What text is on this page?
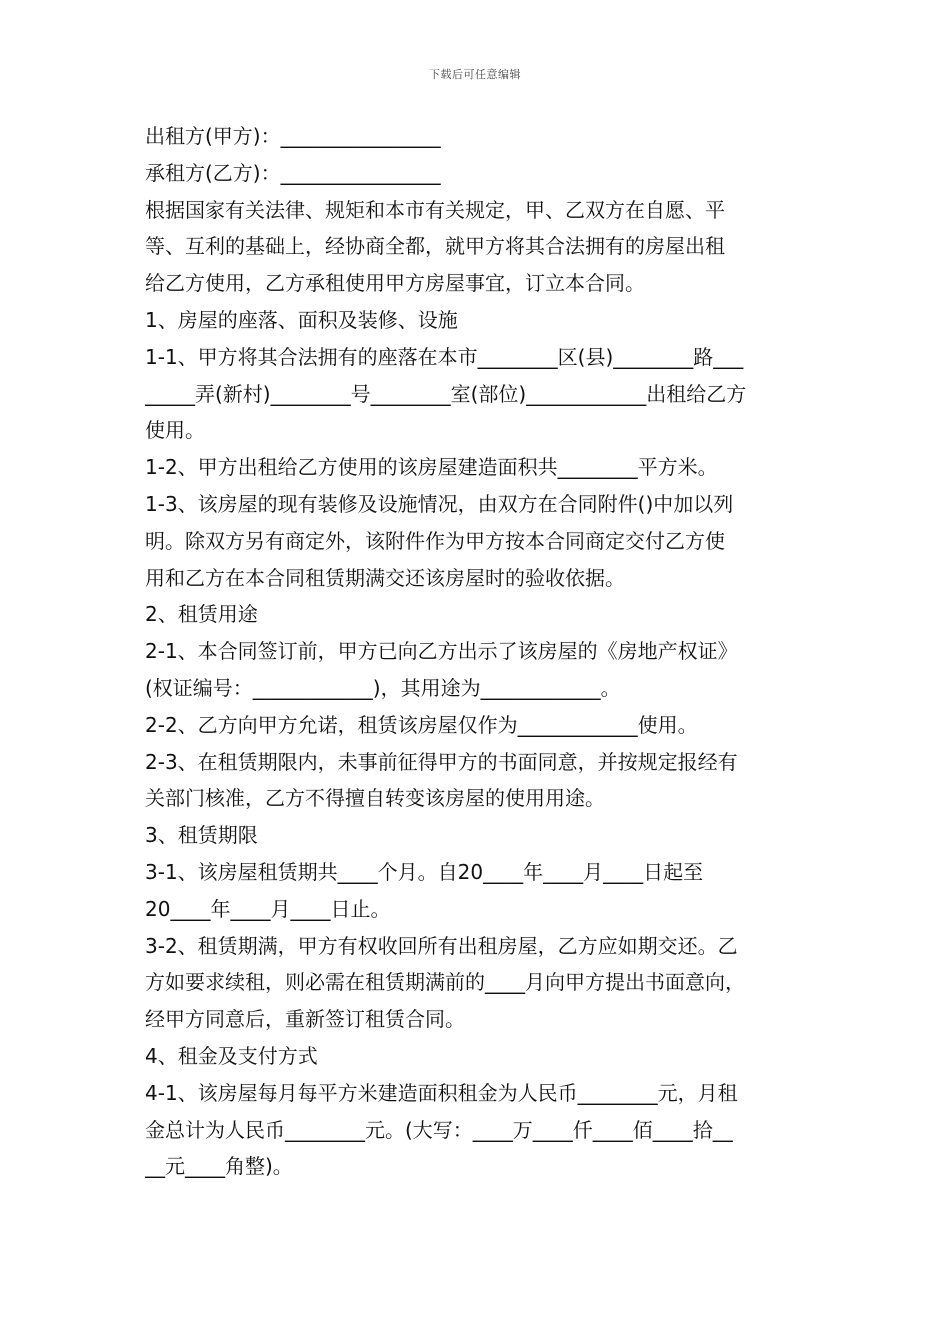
下载后可任意编辑
出租方(甲方)：________________
承租方(乙方)：________________
根据国家有关法律、规矩和本市有关规定，甲、乙双方在自愿、平
等、互利的基础上，经协商全都，就甲方将其合法拥有的房屋出租
给乙方使用，乙方承租使用甲方房屋事宜，订立本合同。
1、房屋的座落、面积及装修、设施
1-1、甲方将其合法拥有的座落在本市________区(县)________路___
_____弄(新村)________号________室(部位)____________出租给乙方
使用。
1-2、甲方出租给乙方使用的该房屋建造面积共________平方米。
1-3、该房屋的现有装修及设施情况，由双方在合同附件()中加以列
明。除双方另有商定外，该附件作为甲方按本合同商定交付乙方使
用和乙方在本合同租赁期满交还该房屋时的验收依据。
2、租赁用途
2-1、本合同签订前，甲方已向乙方出示了该房屋的《房地产权证》
(权证编号：____________)，其用途为____________。
2-2、乙方向甲方允诺，租赁该房屋仅作为____________使用。
2-3、在租赁期限内，未事前征得甲方的书面同意，并按规定报经有
关部门核准，乙方不得擅自转变该房屋的使用用途。
3、租赁期限
3-1、该房屋租赁期共____个月。自20____年____月____日起至
20____年____月____日止。
3-2、租赁期满，甲方有权收回所有出租房屋，乙方应如期交还。乙
方如要求续租，则必需在租赁期满前的____月向甲方提出书面意向，
经甲方同意后，重新签订租赁合同。
4、租金及支付方式
4-1、该房屋每月每平方米建造面积租金为人民币________元，月租
金总计为人民币________元。(大写：____万____仟____佰____拾__
__元____角整)。
